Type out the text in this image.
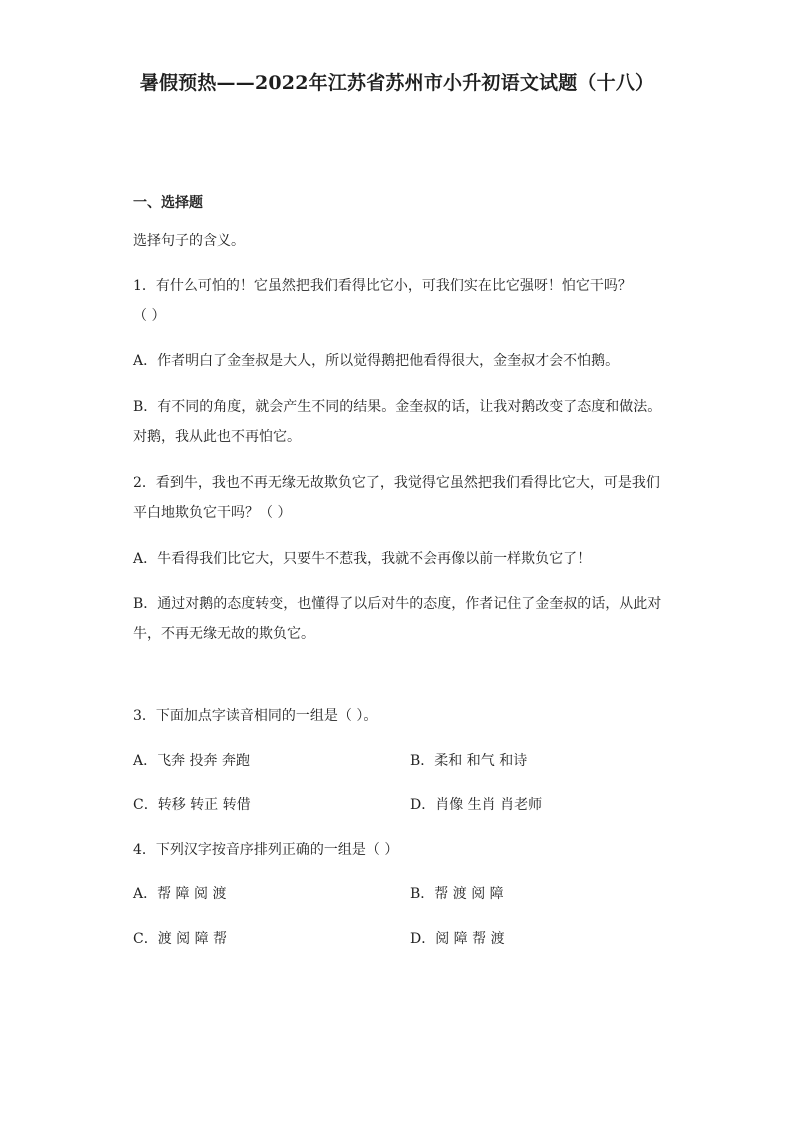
暑假预热——2022年江苏省苏州市小升初语文试题（十八）
一、选择题
选择句子的含义。
1．有什么可怕的！它虽然把我们看得比它小，可我们实在比它强呀！怕它干吗？
（ ）
A．作者明白了金奎叔是大人，所以觉得鹅把他看得很大，金奎叔才会不怕鹅。
B．有不同的角度，就会产生不同的结果。金奎叔的话，让我对鹅改变了态度和做法。
对鹅，我从此也不再怕它。
2．看到牛，我也不再无缘无故欺负它了，我觉得它虽然把我们看得比它大，可是我们
平白地欺负它干吗？（ ）
A．牛看得我们比它大，只要牛不惹我，我就不会再像以前一样欺负它了！
B．通过对鹅的态度转变，也懂得了以后对牛的态度，作者记住了金奎叔的话，从此对
牛，不再无缘无故的欺负它。
3．下面加点字读音相同的一组是（ ）。
A．飞奔 投奔 奔跑	B．柔和 和气 和诗
C．转移 转正 转借	D．肖像 生肖 肖老师
4．下列汉字按音序排列正确的一组是（ ）
A．帮 障 阅 渡	B．帮 渡 阅 障
C．渡 阅 障 帮	D．阅 障 帮 渡
